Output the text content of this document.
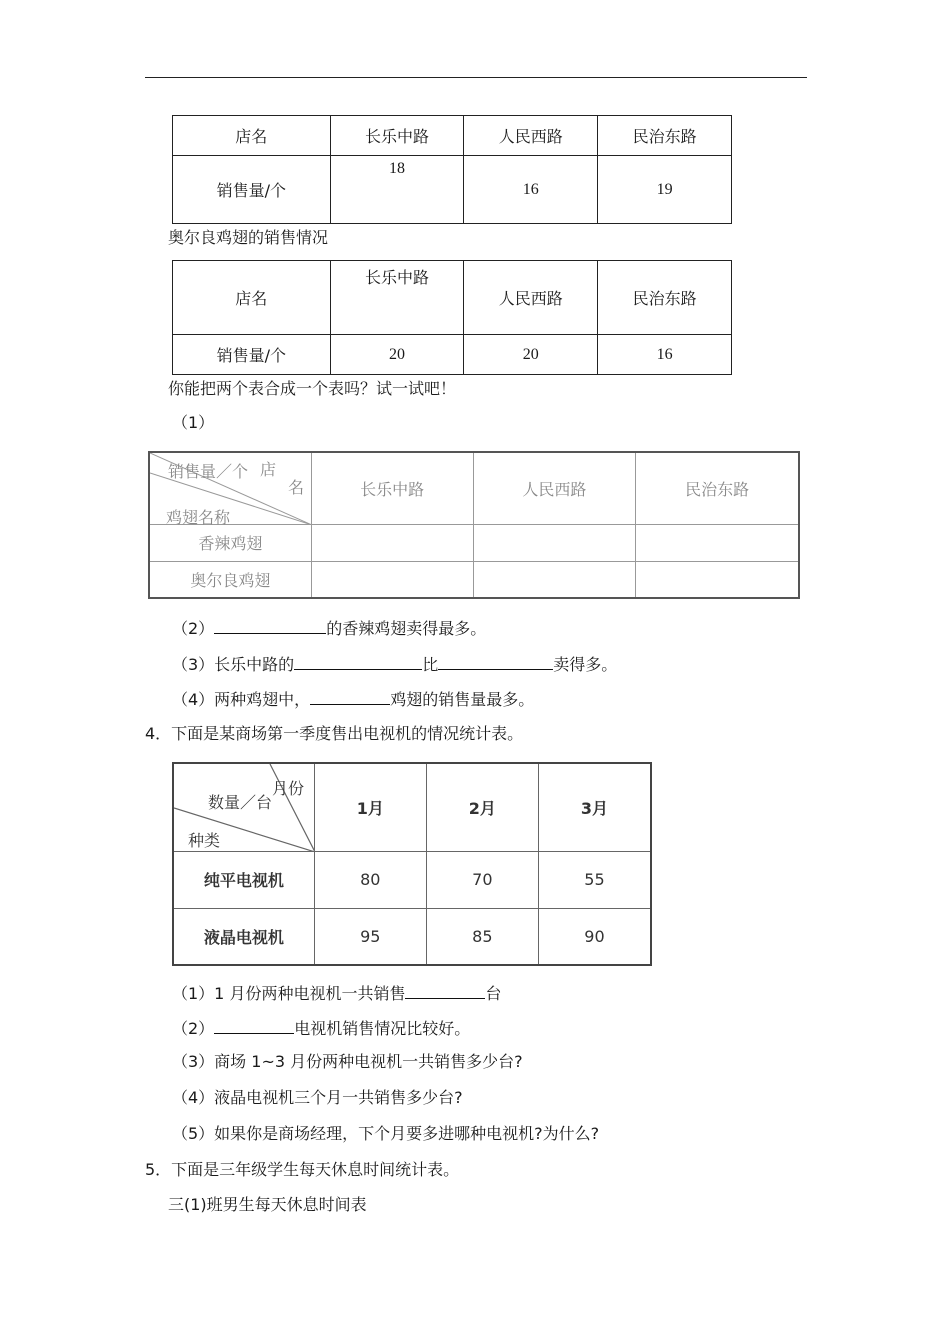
店名	长乐中路	人民西路	民治东路
销售量/个	18	16	19
奥尔良鸡翅的销售情况
店名	长乐中路	人民西路	民治东路
销售量/个	20	20	16
你能把两个表合成一个表吗？试一试吧！
（1）
销售量／个 店
名
鸡翅名称	长乐中路	人民西路	民治东路
香辣鸡翅			
奥尔良鸡翅			
（2）	的香辣鸡翅卖得最多。
（3）长乐中路的	比	卖得多。
（4）两种鸡翅中，	鸡翅的销售量最多。
4．下面是某商场第一季度售出电视机的情况统计表。
月份
数量／台
种类	1月	2月	3月
纯平电视机	80	70	55
液晶电视机	95	85	90
（1）1 月份两种电视机一共销售	台
（2）	电视机销售情况比较好。
（3）商场 1~3 月份两种电视机一共销售多少台?
（4）液晶电视机三个月一共销售多少台?
（5）如果你是商场经理，下个月要多进哪种电视机?为什么?
5．下面是三年级学生每天休息时间统计表。
三(1)班男生每天休息时间表
